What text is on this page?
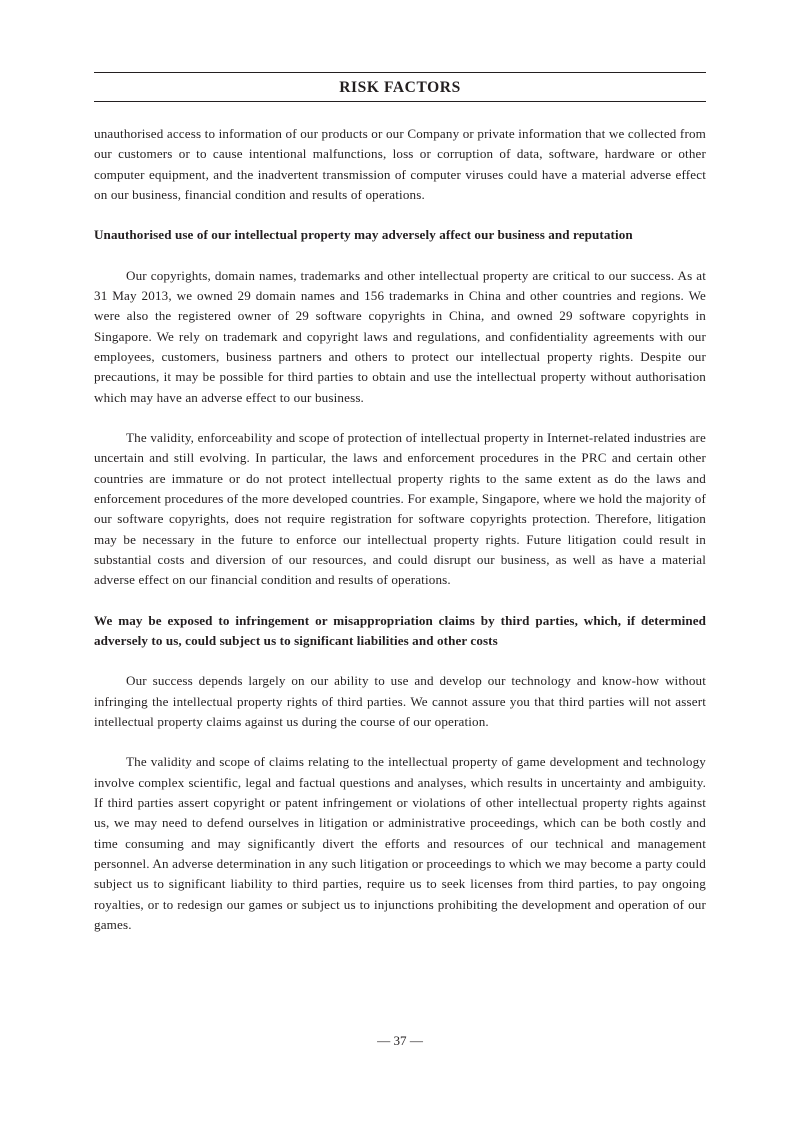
RISK FACTORS

unauthorised access to information of our products or our Company or private information that we collected from our customers or to cause intentional malfunctions, loss or corruption of data, software, hardware or other computer equipment, and the inadvertent transmission of computer viruses could have a material adverse effect on our business, financial condition and results of operations.

Unauthorised use of our intellectual property may adversely affect our business and reputation

Our copyrights, domain names, trademarks and other intellectual property are critical to our success. As at 31 May 2013, we owned 29 domain names and 156 trademarks in China and other countries and regions. We were also the registered owner of 29 software copyrights in China, and owned 29 software copyrights in Singapore. We rely on trademark and copyright laws and regulations, and confidentiality agreements with our employees, customers, business partners and others to protect our intellectual property rights. Despite our precautions, it may be possible for third parties to obtain and use the intellectual property without authorisation which may have an adverse effect to our business.

The validity, enforceability and scope of protection of intellectual property in Internet-related industries are uncertain and still evolving. In particular, the laws and enforcement procedures in the PRC and certain other countries are immature or do not protect intellectual property rights to the same extent as do the laws and enforcement procedures of the more developed countries. For example, Singapore, where we hold the majority of our software copyrights, does not require registration for software copyrights protection. Therefore, litigation may be necessary in the future to enforce our intellectual property rights. Future litigation could result in substantial costs and diversion of our resources, and could disrupt our business, as well as have a material adverse effect on our financial condition and results of operations.

We may be exposed to infringement or misappropriation claims by third parties, which, if determined adversely to us, could subject us to significant liabilities and other costs

Our success depends largely on our ability to use and develop our technology and know-how without infringing the intellectual property rights of third parties. We cannot assure you that third parties will not assert intellectual property claims against us during the course of our operation.

The validity and scope of claims relating to the intellectual property of game development and technology involve complex scientific, legal and factual questions and analyses, which results in uncertainty and ambiguity. If third parties assert copyright or patent infringement or violations of other intellectual property rights against us, we may need to defend ourselves in litigation or administrative proceedings, which can be both costly and time consuming and may significantly divert the efforts and resources of our technical and management personnel. An adverse determination in any such litigation or proceedings to which we may become a party could subject us to significant liability to third parties, require us to seek licenses from third parties, to pay ongoing royalties, or to redesign our games or subject us to injunctions prohibiting the development and operation of our games.

— 37 —
